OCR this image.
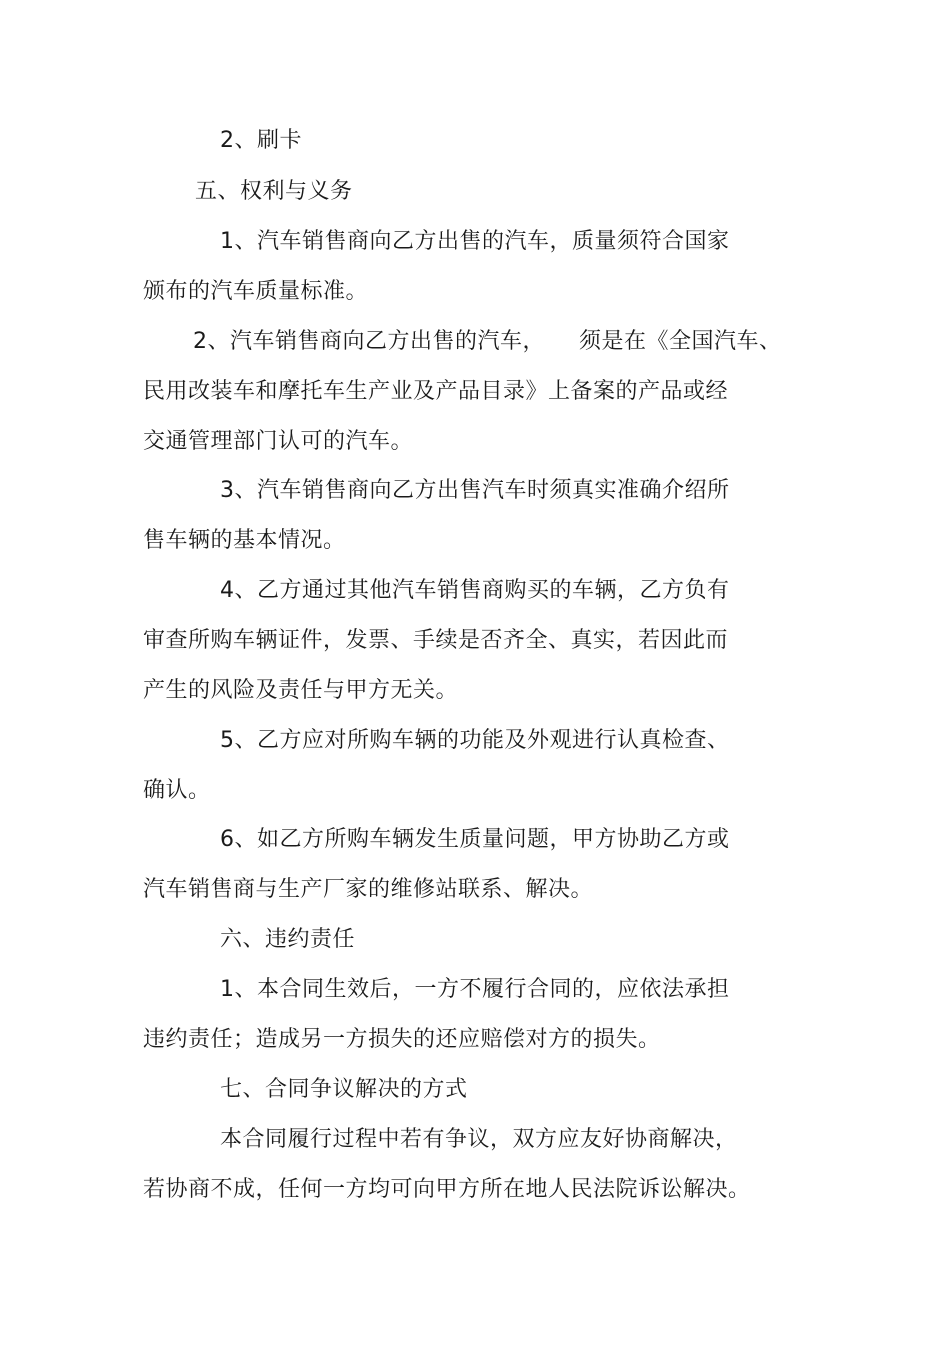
2、刷卡
五、权利与义务
1、汽车销售商向乙方出售的汽车，质量须符合国家
颁布的汽车质量标准。
2、汽车销售商向乙方出售的汽车，　　须是在《全国汽车、
民用改装车和摩托车生产业及产品目录》上备案的产品或经
交通管理部门认可的汽车。
3、汽车销售商向乙方出售汽车时须真实准确介绍所
售车辆的基本情况。
4、乙方通过其他汽车销售商购买的车辆，乙方负有
审查所购车辆证件，发票、手续是否齐全、真实，若因此而
产生的风险及责任与甲方无关。
5、乙方应对所购车辆的功能及外观进行认真检查、
确认。
6、如乙方所购车辆发生质量问题，甲方协助乙方或
汽车销售商与生产厂家的维修站联系、解决。
六、违约责任
1、本合同生效后，一方不履行合同的，应依法承担
违约责任；造成另一方损失的还应赔偿对方的损失。
七、合同争议解决的方式
本合同履行过程中若有争议，双方应友好协商解决，
若协商不成，任何一方均可向甲方所在地人民法院诉讼解决。
